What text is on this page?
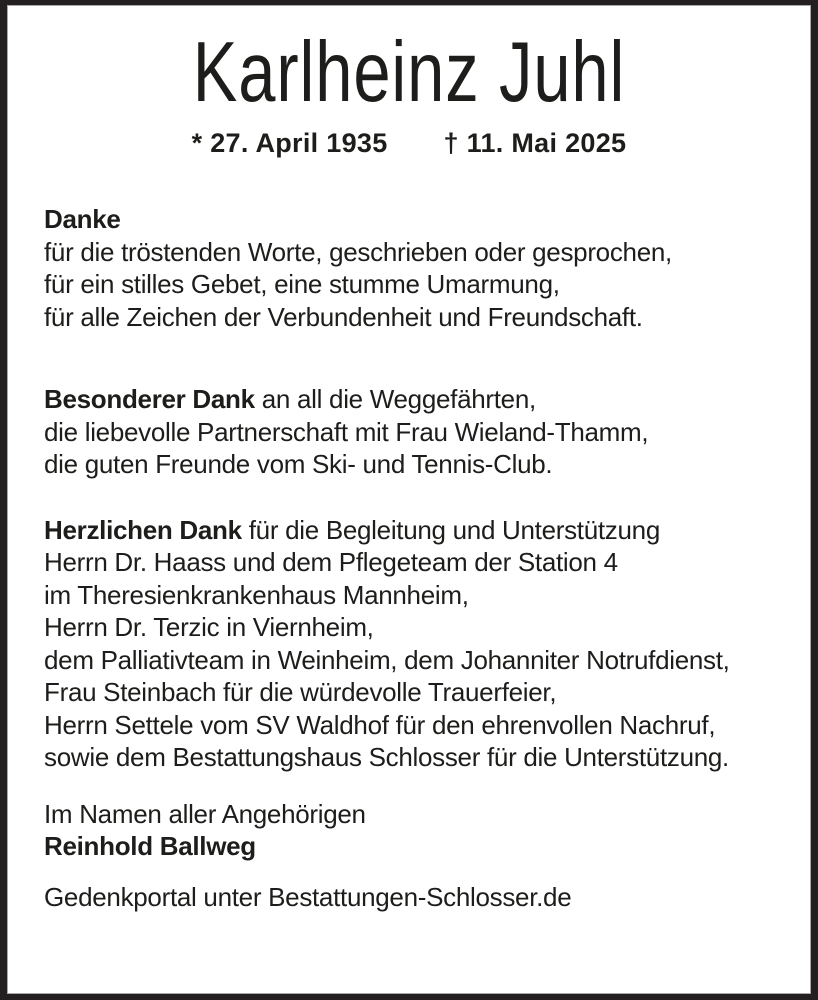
Karlheinz Juhl
* 27. April 1935 † 11. Mai 2025

Danke
für die tröstenden Worte, geschrieben oder gesprochen,
für ein stilles Gebet, eine stumme Umarmung,
für alle Zeichen der Verbundenheit und Freundschaft.

Besonderer Dank an all die Weggefährten,
die liebevolle Partnerschaft mit Frau Wieland-Thamm,
die guten Freunde vom Ski- und Tennis-Club.

Herzlichen Dank für die Begleitung und Unterstützung
Herrn Dr. Haass und dem Pflegeteam der Station 4
im Theresienkrankenhaus Mannheim,
Herrn Dr. Terzic in Viernheim,
dem Palliativteam in Weinheim, dem Johanniter Notrufdienst,
Frau Steinbach für die würdevolle Trauerfeier,
Herrn Settele vom SV Waldhof für den ehrenvollen Nachruf,
sowie dem Bestattungshaus Schlosser für die Unterstützung.

Im Namen aller Angehörigen
Reinhold Ballweg

Gedenkportal unter Bestattungen-Schlosser.de
